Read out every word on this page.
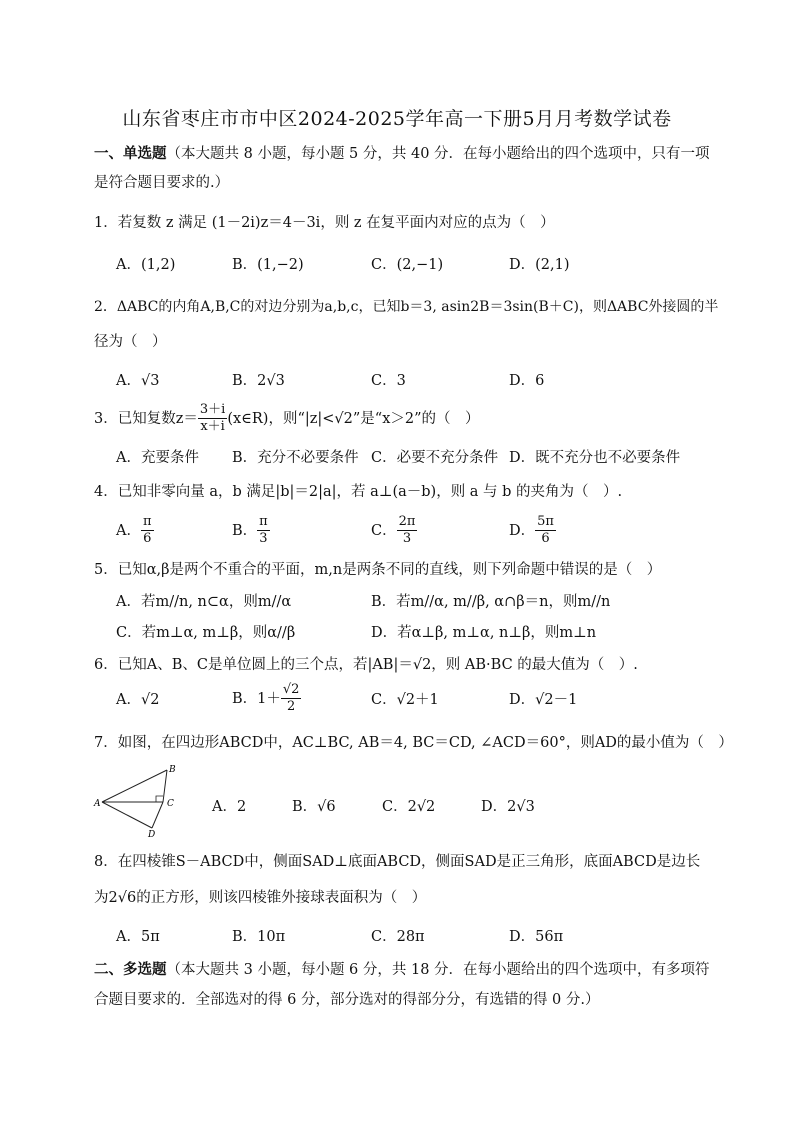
山东省枣庄市市中区2024-2025学年高一下册5月月考数学试卷
一、单选题（本大题共 8 小题，每小题 5 分，共 40 分．在每小题给出的四个选项中，只有一项
是符合题目要求的.）
1．若复数 z 满足 (1－2i)z＝4－3i，则 z 在复平面内对应的点为（　）
A．(1,2)	B．(1,−2)	C．(2,−1)	D．(2,1)
2．ΔABC的内角A,B,C的对边分别为a,b,c，已知b＝3, asin2B＝3sin(B＋C)，则ΔABC外接圆的半
径为（　）
A．√3	B．2√3	C．3	D．6
3．已知复数$z= \frac{3+i}{x+i}$ (x∈R)，则“|z|<√2”是“x＞2”的（　）
A．充要条件 B．充分不必要条件 C．必要不充分条件 D．既不充分也不必要条件
4．已知非零向量 a，b 满足|b|＝2|a|，若 a⊥(a－b)，则 a 与 b 的夹角为（　）.
A． $\frac{\pi}{6}$	B． $\frac{\pi}{3}$	C． $\frac{2\pi}{3}$	D． $\frac{5\pi}{6}$
5．已知α,β是两个不重合的平面，m,n是两条不同的直线，则下列命题中错误的是（　）
A．若m//n, n⊂α，则m//α	B．若m//α, m//β, α∩β＝n，则m//n
C．若m⊥α, m⊥β，则α//β	D．若α⊥β, m⊥α, n⊥β，则m⊥n
6．已知A、B、C是单位圆上的三个点，若|AB|＝√2，则 AB·BC 的最大值为（　）.
A．√2	B．$1+ \frac{√2}{2}$	C．√2＋1	D．√2－1
7．如图，在四边形ABCD中，AC⊥BC, AB＝4, BC＝CD, ∠ACD＝60°，则AD的最小值为（　）
A
B
C
D
A．2	B．√6	C．2√2	D．2√3
8．在四棱锥S－ABCD中，侧面SAD⊥底面ABCD，侧面SAD是正三角形，底面ABCD是边长
为2√6的正方形，则该四棱锥外接球表面积为（　）
A．5π	B．10π	C．28π	D．56π
二、多选题（本大题共 3 小题，每小题 6 分，共 18 分．在每小题给出的四个选项中，有多项符
合题目要求的．全部选对的得 6 分，部分选对的得部分分，有选错的得 0 分.）
